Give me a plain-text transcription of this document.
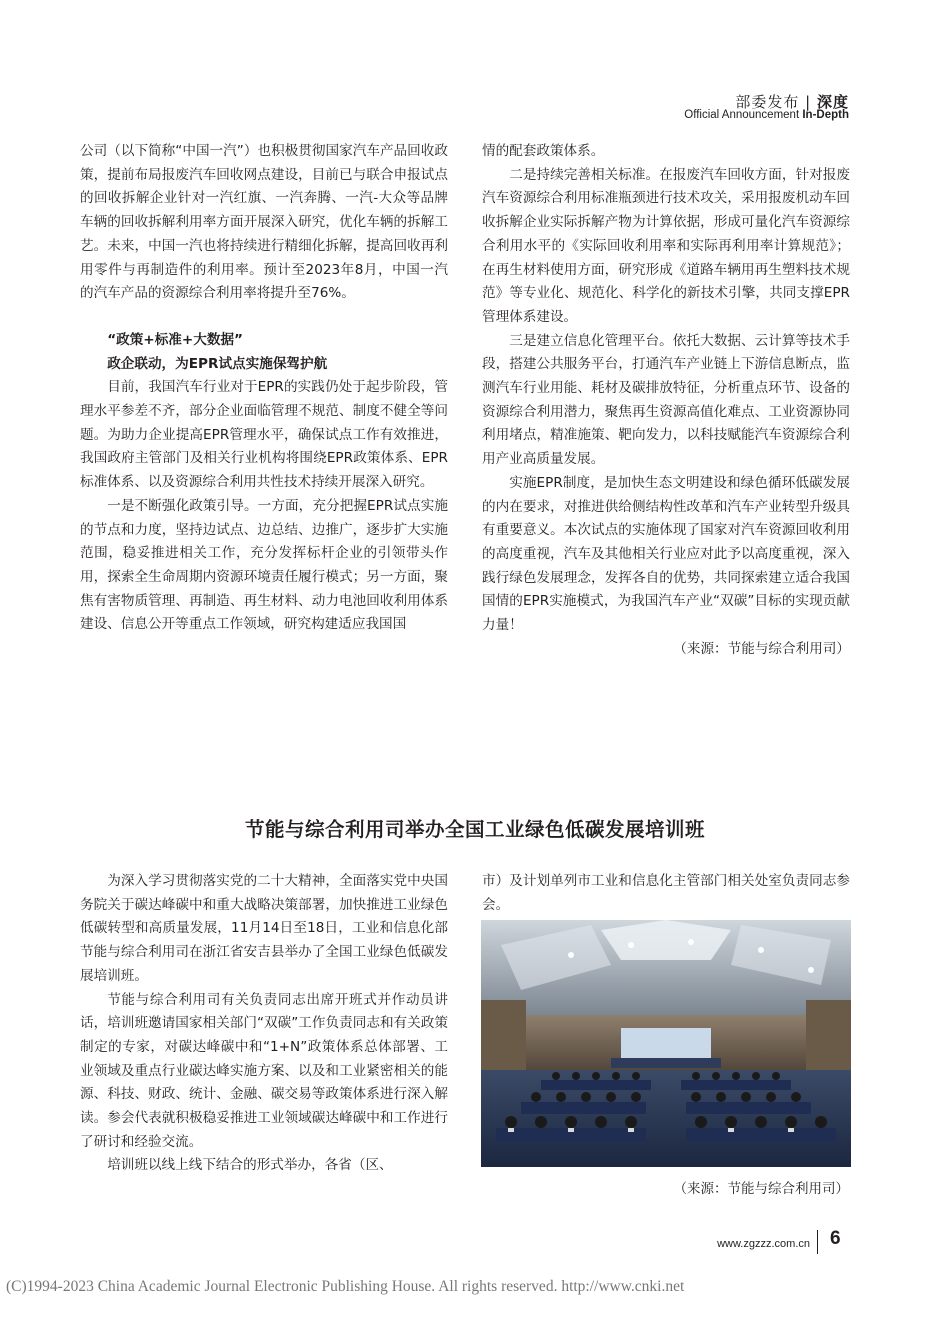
部委发布 | 深度
Official Announcement In-Depth

公司（以下简称“中国一汽”）也积极贯彻国家汽车产品回收政策，提前布局报废汽车回收网点建设，目前已与联合申报试点的回收拆解企业针对一汽红旗、一汽奔腾、一汽-大众等品牌车辆的回收拆解利用率方面开展深入研究，优化车辆的拆解工艺。未来，中国一汽也将持续进行精细化拆解，提高回收再利用零件与再制造件的利用率。预计至2023年8月，中国一汽的汽车产品的资源综合利用率将提升至76%。

“政策+标准+大数据”

政企联动，为EPR试点实施保驾护航

目前，我国汽车行业对于EPR的实践仍处于起步阶段，管理水平参差不齐，部分企业面临管理不规范、制度不健全等问题。为助力企业提高EPR管理水平，确保试点工作有效推进，我国政府主管部门及相关行业机构将围绕EPR政策体系、EPR标准体系、以及资源综合利用共性技术持续开展深入研究。

一是不断强化政策引导。一方面，充分把握EPR试点实施的节点和力度，坚持边试点、边总结、边推广，逐步扩大实施范围，稳妥推进相关工作，充分发挥标杆企业的引领带头作用，探索全生命周期内资源环境责任履行模式；另一方面，聚焦有害物质管理、再制造、再生材料、动力电池回收利用体系建设、信息公开等重点工作领域，研究构建适应我国国

情的配套政策体系。

二是持续完善相关标准。在报废汽车回收方面，针对报废汽车资源综合利用标准瓶颈进行技术攻关，采用报废机动车回收拆解企业实际拆解产物为计算依据，形成可量化汽车资源综合利用水平的《实际回收利用率和实际再利用率计算规范》；在再生材料使用方面，研究形成《道路车辆用再生塑料技术规范》等专业化、规范化、科学化的新技术引擎，共同支撑EPR管理体系建设。

三是建立信息化管理平台。依托大数据、云计算等技术手段，搭建公共服务平台，打通汽车产业链上下游信息断点，监测汽车行业用能、耗材及碳排放特征，分析重点环节、设备的资源综合利用潜力，聚焦再生资源高值化难点、工业资源协同利用堵点，精准施策、靶向发力，以科技赋能汽车资源综合利用产业高质量发展。

实施EPR制度，是加快生态文明建设和绿色循环低碳发展的内在要求，对推进供给侧结构性改革和汽车产业转型升级具有重要意义。本次试点的实施体现了国家对汽车资源回收利用的高度重视，汽车及其他相关行业应对此予以高度重视，深入践行绿色发展理念，发挥各自的优势，共同探索建立适合我国国情的EPR实施模式，为我国汽车产业“双碳”目标的实现贡献力量！

（来源：节能与综合利用司）

节能与综合利用司举办全国工业绿色低碳发展培训班

为深入学习贯彻落实党的二十大精神，全面落实党中央国务院关于碳达峰碳中和重大战略决策部署，加快推进工业绿色低碳转型和高质量发展，11月14日至18日，工业和信息化部节能与综合利用司在浙江省安吉县举办了全国工业绿色低碳发展培训班。

节能与综合利用司有关负责同志出席开班式并作动员讲话，培训班邀请国家相关部门“双碳”工作负责同志和有关政策制定的专家，对碳达峰碳中和“1+N”政策体系总体部署、工业领域及重点行业碳达峰实施方案、以及和工业紧密相关的能源、科技、财政、统计、金融、碳交易等政策体系进行深入解读。参会代表就积极稳妥推进工业领域碳达峰碳中和工作进行了研讨和经验交流。

培训班以线上线下结合的形式举办，各省（区、

市）及计划单列市工业和信息化主管部门相关处室负责同志参会。

（来源：节能与综合利用司）
www.zgzzz.com.cn 6
(C)1994-2023 China Academic Journal Electronic Publishing House. All rights reserved. http://www.cnki.net
